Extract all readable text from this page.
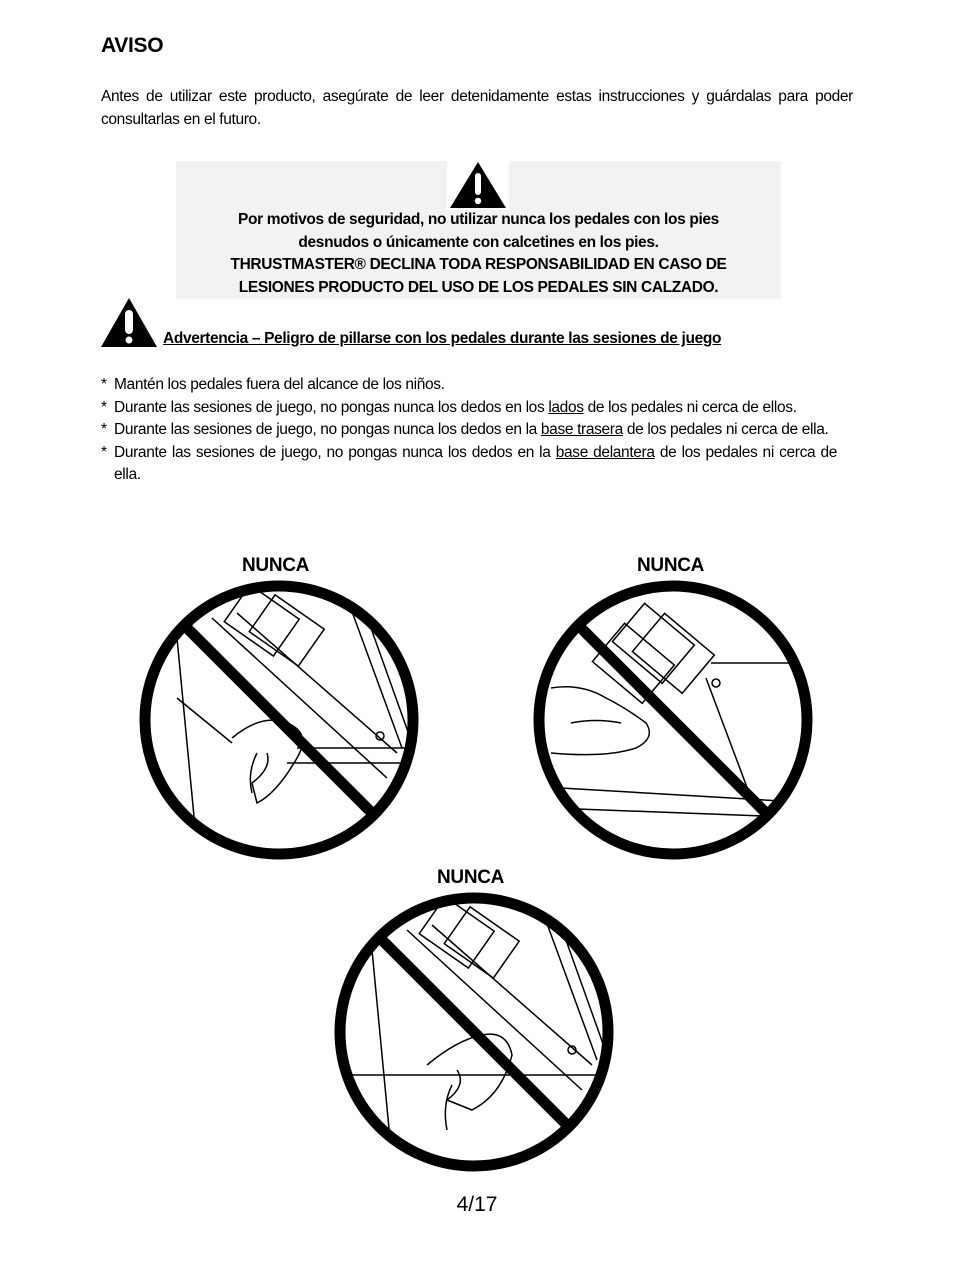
AVISO
Antes de utilizar este producto, asegúrate de leer detenidamente estas instrucciones y guárdalas para poder consultarlas en el futuro.
Por motivos de seguridad, no utilizar nunca los pedales con los pies
desnudos o únicamente con calcetines en los pies.
THRUSTMASTER® DECLINA TODA RESPONSABILIDAD EN CASO DE
LESIONES PRODUCTO DEL USO DE LOS PEDALES SIN CALZADO.
Advertencia – Peligro de pillarse con los pedales durante las sesiones de juego
* Mantén los pedales fuera del alcance de los niños.
* Durante las sesiones de juego, no pongas nunca los dedos en los lados de los pedales ni cerca de ellos.
* Durante las sesiones de juego, no pongas nunca los dedos en la base trasera de los pedales ni cerca de ella.
* Durante las sesiones de juego, no pongas nunca los dedos en la base delantera de los pedales ni cerca de ella.
NUNCA	NUNCA
NUNCA
4/17
